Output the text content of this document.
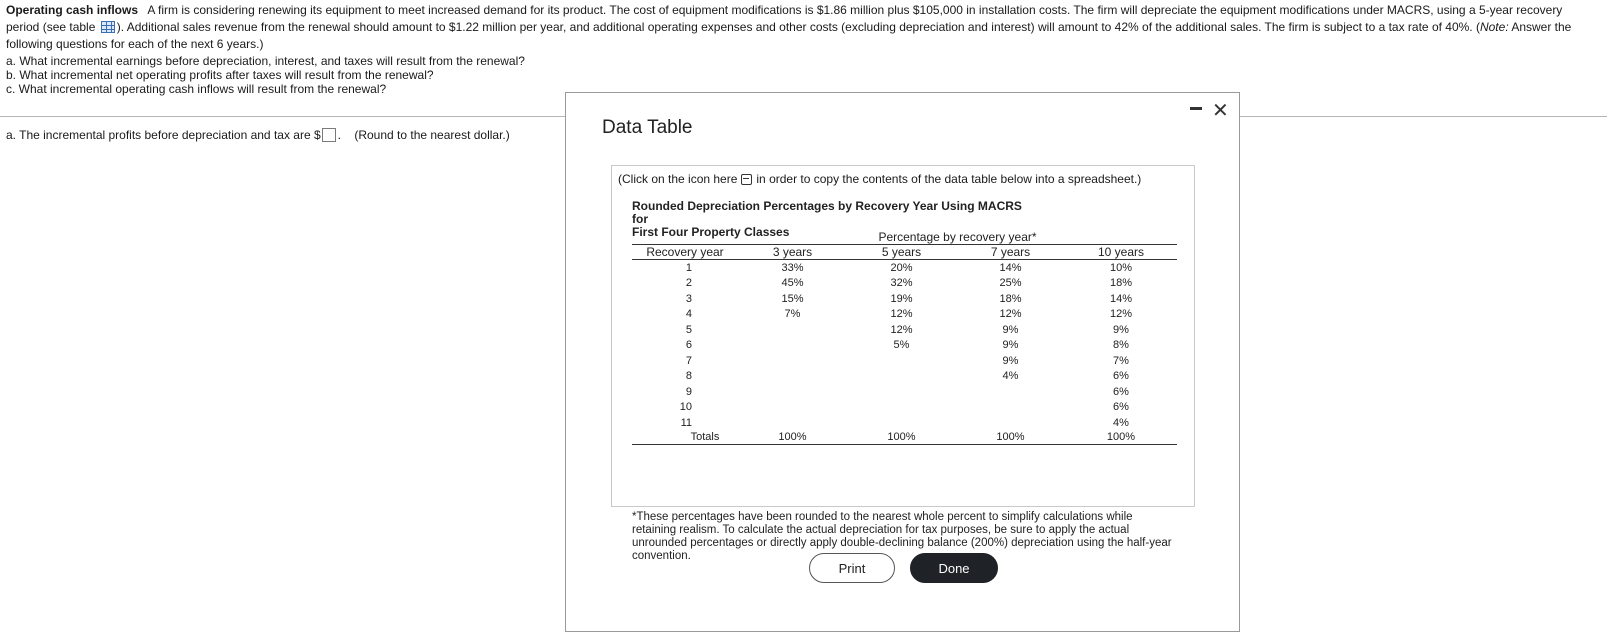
Operating cash inflows A firm is considering renewing its equipment to meet increased demand for its product. The cost of equipment modifications is $1.86 million plus $105,000 in installation costs. The firm will depreciate the equipment modifications under MACRS, using a 5-year recovery period (see table ). Additional sales revenue from the renewal should amount to $1.22 million per year, and additional operating expenses and other costs (excluding depreciation and interest) will amount to 42% of the additional sales. The firm is subject to a tax rate of 40%. (Note: Answer the following questions for each of the next 6 years.)
a. What incremental earnings before depreciation, interest, and taxes will result from the renewal?
b. What incremental net operating profits after taxes will result from the renewal?
c. What incremental operating cash inflows will result from the renewal?
a. The incremental profits before depreciation and tax are $ . (Round to the nearest dollar.)	Data Table
✕
(Click on the icon here in order to copy the contents of the data table below into a spreadsheet.)
Rounded Depreciation Percentages by Recovery Year Using MACRS for
First Four Property Classes
		Percentage by recovery year*			
Recovery year	3 years	5 years	7 years	10 years
1	33%	20%	14%	10%
2	45%	32%	25%	18%
3	15%	19%	18%	14%
4	7%	12%	12%	12%
5		12%	9%	9%
6		5%	9%	8%
7			9%	7%
8			4%	6%
9				6%
10				6%
11				4%
Totals	100%	100%	100%	100%
*These percentages have been rounded to the nearest whole percent to simplify calculations while retaining realism. To calculate the actual depreciation for tax purposes, be sure to apply the actual unrounded percentages or directly apply double-declining balance (200%) depreciation using the half-year convention.
Print	Done
